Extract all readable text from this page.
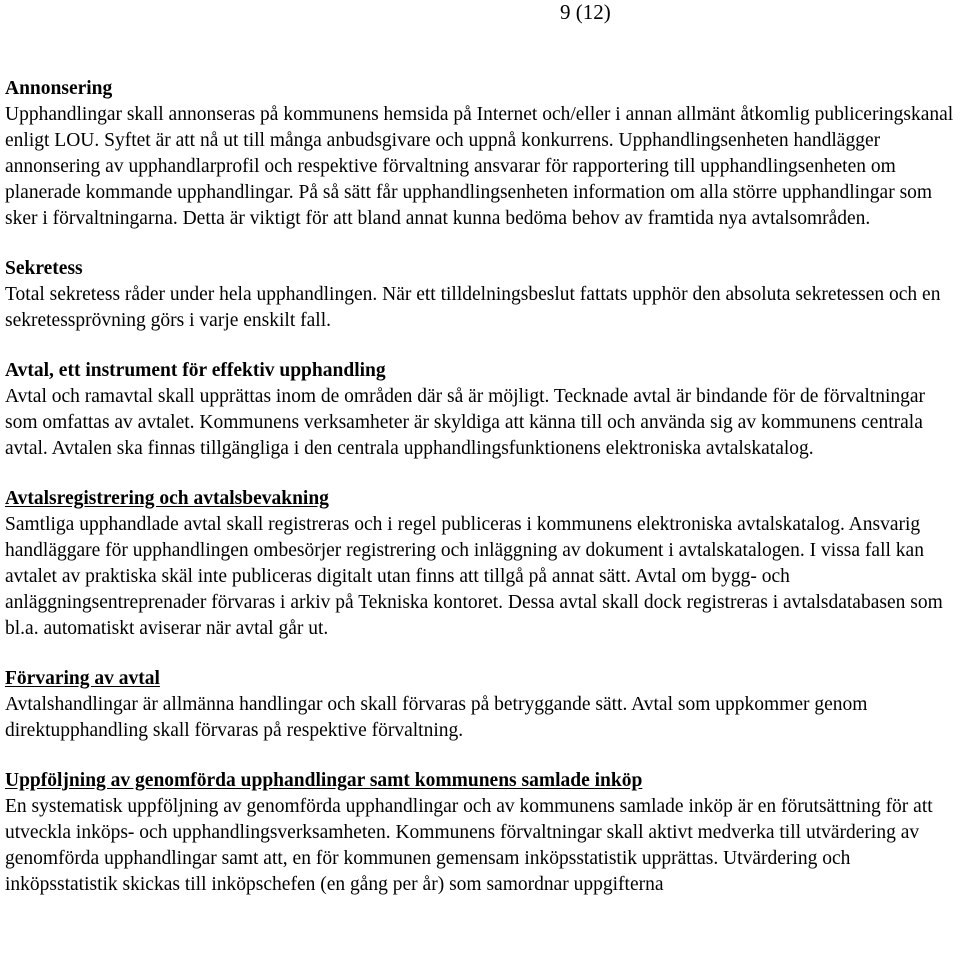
9 (12)

Annonsering

Upphandlingar skall annonseras på kommunens hemsida på Internet och/eller i annan allmänt åtkomlig publiceringskanal enligt LOU. Syftet är att nå ut till många anbudsgivare och uppnå konkurrens. Upphandlingsenheten handlägger annonsering av upphandlarprofil och respektive förvaltning ansvarar för rapportering till upphandlingsenheten om planerade kommande upphandlingar. På så sätt får upphandlingsenheten information om alla större upphandlingar som sker i förvaltningarna. Detta är viktigt för att bland annat kunna bedöma behov av framtida nya avtalsområden.

Sekretess

Total sekretess råder under hela upphandlingen. När ett tilldelningsbeslut fattats upphör den absoluta sekretessen och en sekretessprövning görs i varje enskilt fall.

Avtal, ett instrument för effektiv upphandling

Avtal och ramavtal skall upprättas inom de områden där så är möjligt. Tecknade avtal är bindande för de förvaltningar som omfattas av avtalet. Kommunens verksamheter är skyldiga att känna till och använda sig av kommunens centrala avtal. Avtalen ska finnas tillgängliga i den centrala upphandlingsfunktionens elektroniska avtalskatalog.

Avtalsregistrering och avtalsbevakning

Samtliga upphandlade avtal skall registreras och i regel publiceras i kommunens elektroniska avtalskatalog. Ansvarig handläggare för upphandlingen ombesörjer registrering och inläggning av dokument i avtalskatalogen. I vissa fall kan avtalet av praktiska skäl inte publiceras digitalt utan finns att tillgå på annat sätt. Avtal om bygg- och anläggningsentreprenader förvaras i arkiv på Tekniska kontoret. Dessa avtal skall dock registreras i avtalsdatabasen som bl.a. automatiskt aviserar när avtal går ut.

Förvaring av avtal

Avtalshandlingar är allmänna handlingar och skall förvaras på betryggande sätt. Avtal som uppkommer genom direktupphandling skall förvaras på respektive förvaltning.

Uppföljning av genomförda upphandlingar samt kommunens samlade inköp

En systematisk uppföljning av genomförda upphandlingar och av kommunens samlade inköp är en förutsättning för att utveckla inköps- och upphandlingsverksamheten. Kommunens förvaltningar skall aktivt medverka till utvärdering av genomförda upphandlingar samt att, en för kommunen gemensam inköpsstatistik upprättas. Utvärdering och inköpsstatistik skickas till inköpschefen (en gång per år) som samordnar uppgifterna
